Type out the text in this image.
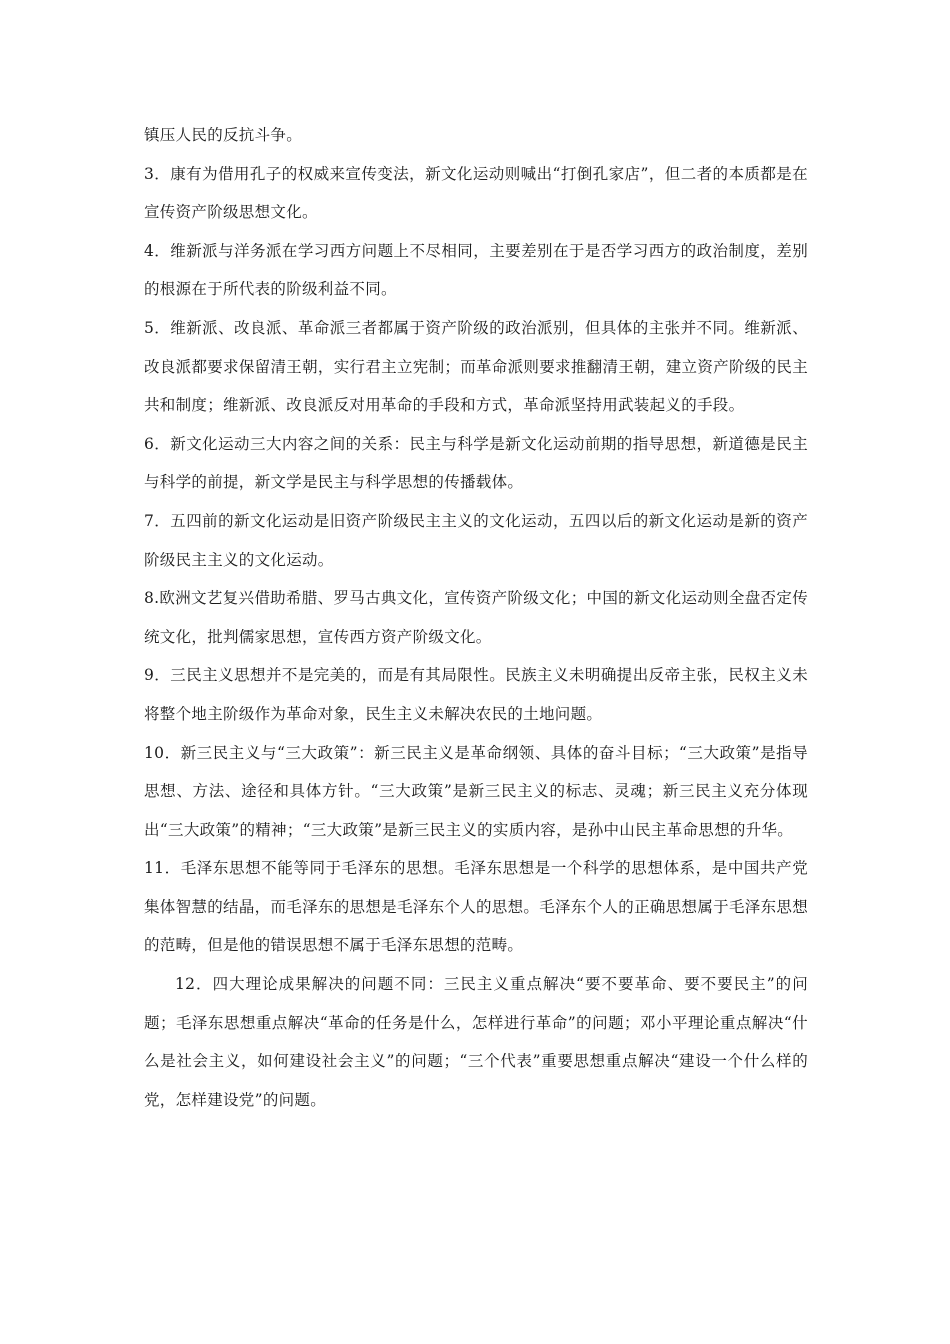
镇压人民的反抗斗争。

3．康有为借用孔子的权威来宣传变法，新文化运动则喊出“打倒孔家店”，但二者的本质都是在宣传资产阶级思想文化。

4．维新派与洋务派在学习西方问题上不尽相同，主要差别在于是否学习西方的政治制度，差别的根源在于所代表的阶级利益不同。

5．维新派、改良派、革命派三者都属于资产阶级的政治派别，但具体的主张并不同。维新派、改良派都要求保留清王朝，实行君主立宪制；而革命派则要求推翻清王朝，建立资产阶级的民主共和制度；维新派、改良派反对用革命的手段和方式，革命派坚持用武装起义的手段。

6．新文化运动三大内容之间的关系：民主与科学是新文化运动前期的指导思想，新道德是民主与科学的前提，新文学是民主与科学思想的传播载体。

7．五四前的新文化运动是旧资产阶级民主主义的文化运动，五四以后的新文化运动是新的资产阶级民主主义的文化运动。

8.欧洲文艺复兴借助希腊、罗马古典文化，宣传资产阶级文化；中国的新文化运动则全盘否定传统文化，批判儒家思想，宣传西方资产阶级文化。

9．三民主义思想并不是完美的，而是有其局限性。民族主义未明确提出反帝主张，民权主义未将整个地主阶级作为革命对象，民生主义未解决农民的土地问题。

10．新三民主义与“三大政策”：新三民主义是革命纲领、具体的奋斗目标；“三大政策”是指导思想、方法、途径和具体方针。“三大政策”是新三民主义的标志、灵魂；新三民主义充分体现出“三大政策”的精神；“三大政策”是新三民主义的实质内容，是孙中山民主革命思想的升华。

11．毛泽东思想不能等同于毛泽东的思想。毛泽东思想是一个科学的思想体系，是中国共产党集体智慧的结晶，而毛泽东的思想是毛泽东个人的思想。毛泽东个人的正确思想属于毛泽东思想的范畴，但是他的错误思想不属于毛泽东思想的范畴。

12．四大理论成果解决的问题不同：三民主义重点解决“要不要革命、要不要民主”的问题；毛泽东思想重点解决“革命的任务是什么，怎样进行革命”的问题；邓小平理论重点解决“什么是社会主义，如何建设社会主义”的问题；“三个代表”重要思想重点解决“建设一个什么样的党，怎样建设党”的问题。
